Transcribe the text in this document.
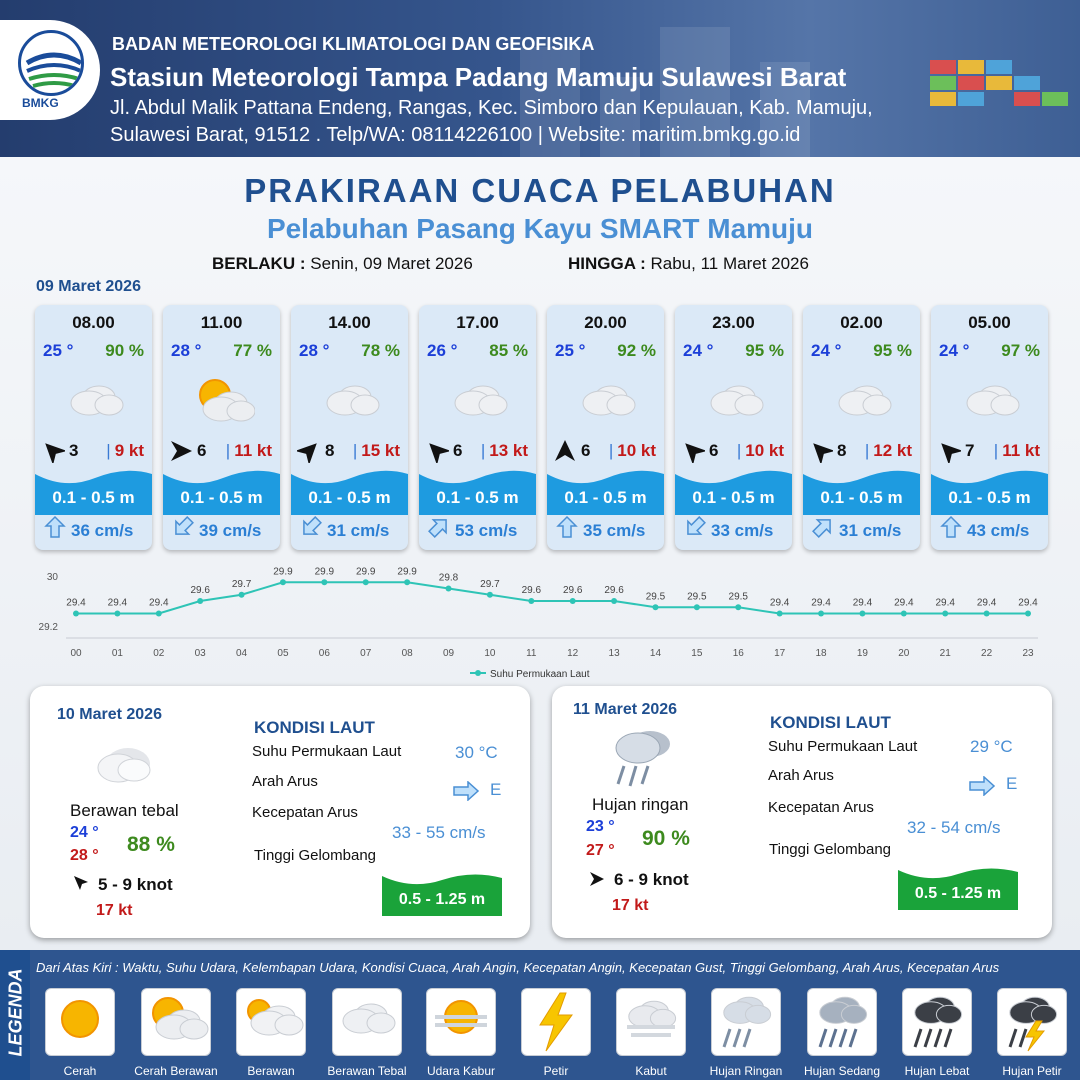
BMKG
BADAN METEOROLOGI KLIMATOLOGI DAN GEOFISIKA
Stasiun Meteorologi Tampa Padang Mamuju Sulawesi Barat
Jl. Abdul Malik Pattana Endeng, Rangas, Kec. Simboro dan Kepulauan, Kab. Mamuju,
Sulawesi Barat, 91512 . Telp/WA: 08114226100 | Website: maritim.bmkg.go.id
PRAKIRAAN CUACA PELABUHAN
Pelabuhan Pasang Kayu SMART Mamuju
BERLAKU : Senin, 09 Maret 2026	HINGGA : Rabu, 11 Maret 2026
09 Maret 2026
08.00
25 ° 90 %
3 | 9 kt
0.1 - 0.5 m
36 cm/s
11.00
28 ° 77 %
6 | 11 kt
0.1 - 0.5 m
39 cm/s
14.00
28 ° 78 %
8 | 15 kt
0.1 - 0.5 m
31 cm/s
17.00
26 ° 85 %
6 | 13 kt
0.1 - 0.5 m
53 cm/s
20.00
25 ° 92 %
6 | 10 kt
0.1 - 0.5 m
35 cm/s
23.00
24 ° 95 %
6 | 10 kt
0.1 - 0.5 m
33 cm/s
02.00
24 ° 95 %
8 | 12 kt
0.1 - 0.5 m
31 cm/s
05.00
24 ° 97 %
7 | 11 kt
0.1 - 0.5 m
43 cm/s
30
29.2
29.4
00
29.4
01
29.4
02
29.6
03
29.7
04
29.9
05
29.9
06
29.9
07
29.9
08
29.8
09
29.7
10
29.6
11
29.6
12
29.6
13
29.5
14
29.5
15
29.5
16
29.4
17
29.4
18
29.4
19
29.4
20
29.4
21
29.4
22
29.4
23
Suhu Permukaan Laut
10 Maret 2026
Berawan tebal
24 °
28 ° 88 %
5 - 9 knot
17 kt
KONDISI LAUT
Suhu Permukaan Laut	30 °C
Arah Arus	E
Kecepatan Arus
33 - 55 cm/s
Tinggi Gelombang
0.5 - 1.25 m
11 Maret 2026
Hujan ringan
23 °
27 °
90 %
6 - 9 knot
17 kt
KONDISI LAUT
Suhu Permukaan Laut	29 °C
Arah Arus	E
Kecepatan Arus
32 - 54 cm/s
Tinggi Gelombang
0.5 - 1.25 m
LEGENDA
Dari Atas Kiri : Waktu, Suhu Udara, Kelembapan Udara, Kondisi Cuaca, Arah Angin, Kecepatan Angin, Kecepatan Gust, Tinggi Gelombang, Arah Arus, Kecepatan Arus
Cerah	Cerah Berawan	Berawan	Berawan Tebal	Udara Kabur	Petir	Kabut	Hujan Ringan	Hujan Sedang	Hujan Lebat	Hujan Petir
